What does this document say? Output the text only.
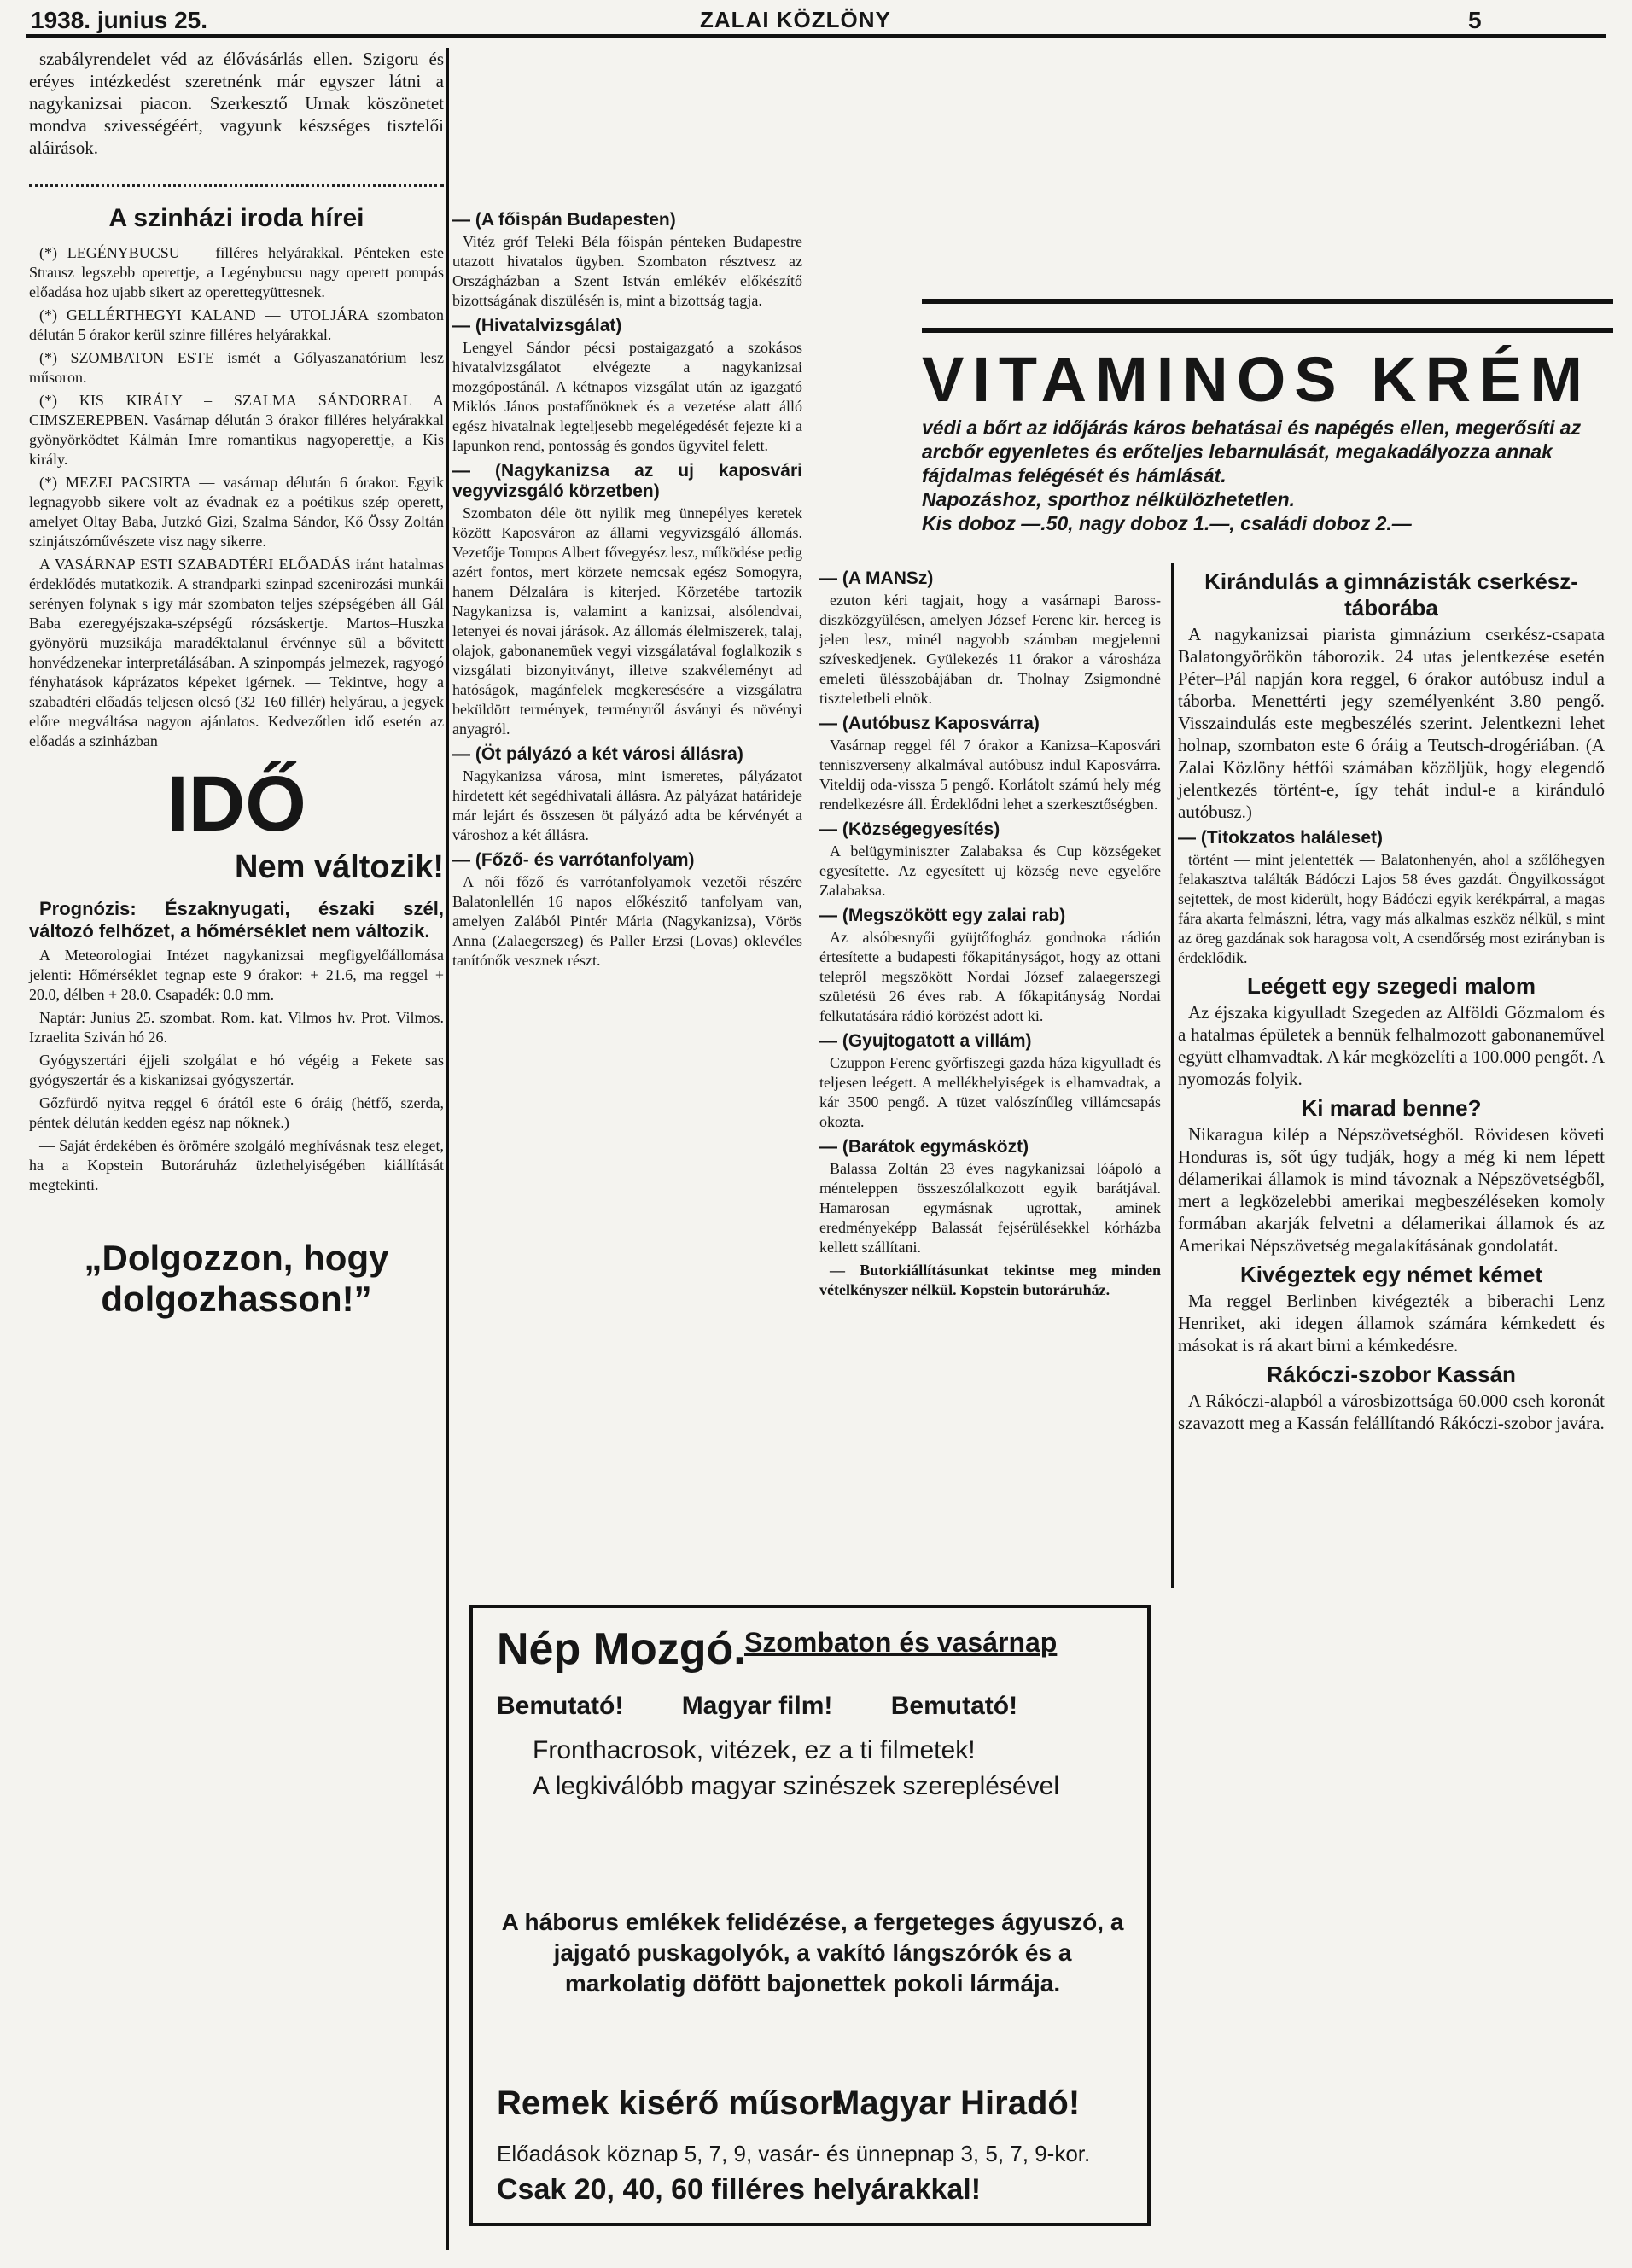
1938. junius 25.	ZALAI KÖZLÖNY	5

szabályrendelet véd az élővásárlás ellen. Szigoru és eréyes intézkedést szeretnénk már egyszer látni a nagykanizsai piacon. Szerkesztő Urnak köszönetet mondva szivességéért, vagyunk készséges tisztelői aláirások.

A szinházi iroda hírei

(*) LEGÉNYBUCSU — filléres helyárakkal. Pénteken este Strausz legszebb operettje, a Legénybucsu nagy operett pompás előadása hoz ujabb sikert az operettegyüttesnek.

(*) GELLÉRTHEGYI KALAND — UTOLJÁRA szombaton délután 5 órakor kerül szinre filléres helyárakkal.

(*) SZOMBATON ESTE ismét a Gólyaszanatórium lesz műsoron.

(*) KIS KIRÁLY – SZALMA SÁNDORRAL A CIMSZEREPBEN. Vasárnap délután 3 órakor filléres helyárakkal gyönyörködtet Kálmán Imre romantikus nagyoperettje, a Kis király.

(*) MEZEI PACSIRTA — vasárnap délután 6 órakor. Egyik legnagyobb sikere volt az évadnak ez a poétikus szép operett, amelyet Oltay Baba, Jutzkó Gizi, Szalma Sándor, Kő Össy Zoltán szinjátszóművészete visz nagy sikerre.

A VASÁRNAP ESTI SZABADTÉRI ELŐADÁS iránt hatalmas érdeklődés mutatkozik. A strandparki szinpad szcenirozási munkái serényen folynak s igy már szombaton teljes szépségében áll Gál Baba ezeregyéjszaka-szépségű rózsáskertje. Martos–Huszka gyönyörü muzsikája maradéktalanul érvénnye sül a bővitett honvédzenekar interpretálásában. A szinpompás jelmezek, ragyogó fényhatások káprázatos képeket igérnek. — Tekintve, hogy a szabadtéri előadás teljesen olcsó (32–160 fillér) helyárau, a jegyek előre megváltása nagyon ajánlatos. Kedvezőtlen idő esetén az előadás a szinházban

IDŐ
Nem változik!

Prognózis: Északnyugati, északi szél, változó felhőzet, a hőmérséklet nem változik.

A Meteorologiai Intézet nagykanizsai megfigyelőállomása jelenti: Hőmérséklet tegnap este 9 órakor: + 21.6, ma reggel + 20.0, délben + 28.0. Csapadék: 0.0 mm.

Naptár: Junius 25. szombat. Rom. kat. Vilmos hv. Prot. Vilmos. Izraelita Sziván hó 26.

Gyógyszertári éjjeli szolgálat e hó végéig a Fekete sas gyógyszertár és a kiskanizsai gyógyszertár.

Gőzfürdő nyitva reggel 6 órától este 6 óráig (hétfő, szerda, péntek délután kedden egész nap nőknek.)

— Saját érdekében és örömére szolgáló meghívásnak tesz eleget, ha a Kopstein Butoráruház üzlethelyiségében kiállítását megtekinti.

„Dolgozzon, hogy dolgozhasson!”
— (A főispán Budapesten)

Vitéz gróf Teleki Béla főispán pénteken Budapestre utazott hivatalos ügyben. Szombaton résztvesz az Országházban a Szent István emlékév előkészítő bizottságának diszülésén is, mint a bizottság tagja.

— (Hivatalvizsgálat)

Lengyel Sándor pécsi postaigazgató a szokásos hivatalvizsgálatot elvégezte a nagykanizsai mozgópostánál. A kétnapos vizsgálat után az igazgató Miklós János postafőnöknek és a vezetése alatt álló egész hivatalnak legteljesebb megelégedését fejezte ki a lapunkon rend, pontosság és gondos ügyvitel felett.

— (Nagykanizsa az uj kaposvári vegyvizsgáló körzetben)

Szombaton déle ött nyilik meg ünnepélyes keretek között Kaposváron az állami vegyvizsgáló állomás. Vezetője Tompos Albert fővegyész lesz, működése pedig azért fontos, mert körzete nemcsak egész Somogyra, hanem Délzalára is kiterjed. Körzetébe tartozik Nagykanizsa is, valamint a kanizsai, alsólendvai, letenyei és novai járások. Az állomás élelmiszerek, talaj, olajok, gabonanemüek vegyi vizsgálatával foglalkozik s vizsgálati bizonyitványt, illetve szakvéleményt ad hatóságok, magánfelek megkeresésére a vizsgálatra beküldött termények, terményről ásványi és növényi anyagról.

— (Öt pályázó a két városi állásra)

Nagykanizsa városa, mint ismeretes, pályázatot hirdetett két segédhivatali állásra. Az pályázat határideje már lejárt és összesen öt pályázó adta be kérvényét a városhoz a két állásra.

— (Főző- és varrótanfolyam)

A női főző és varrótanfolyamok vezetői részére Balatonlellén 16 napos előkészitő tanfolyam van, amelyen Zalából Pintér Mária (Nagykanizsa), Vörös Anna (Zalaegerszeg) és Paller Erzsi (Lovas) oklevéles tanítónők vesznek részt.

VITAMINOS KRÉM
védi a bőrt az időjárás káros behatásai és napégés ellen, megerősíti az arcbőr egyenletes és erőteljes lebarnulását, megakadályozza annak fájdalmas felégését és hámlását.
Napozáshoz, sporthoz nélkülözhetetlen.
Kis doboz —.50, nagy doboz 1.—, családi doboz 2.—
— (A MANSz)

ezuton kéri tagjait, hogy a vasárnapi Baross-diszközgyülésen, amelyen József Ferenc kir. herceg is jelen lesz, minél nagyobb számban megjelenni szíveskedjenek. Gyülekezés 11 órakor a városháza emeleti ülésszobájában dr. Tholnay Zsigmondné tiszteletbeli elnök.

— (Autóbusz Kaposvárra)

Vasárnap reggel fél 7 órakor a Kanizsa–Kaposvári tenniszverseny alkalmával autóbusz indul Kaposvárra. Viteldij oda-vissza 5 pengő. Korlátolt számú hely még rendelkezésre áll. Érdeklődni lehet a szerkesztőségben.

— (Községegyesítés)

A belügyminiszter Zalabaksa és Cup községeket egyesítette. Az egyesített uj község neve egyelőre Zalabaksa.

— (Megszökött egy zalai rab)

Az alsóbesnyői gyüjtőfogház gondnoka rádión értesítette a budapesti főkapitányságot, hogy az ottani telepről megszökött Nordai József zalaegerszegi születésü 26 éves rab. A főkapitányság Nordai felkutatására rádió körözést adott ki.

— (Gyujtogatott a villám)

Czuppon Ferenc győrfiszegi gazda háza kigyulladt és teljesen leégett. A mellékhelyiségek is elhamvadtak, a kár 3500 pengő. A tüzet valószínűleg villámcsapás okozta.

— (Barátok egymásközt)

Balassa Zoltán 23 éves nagykanizsai lóápoló a ménteleppen összeszólalkozott egyik barátjával. Hamarosan egymásnak ugrottak, aminek eredményeképp Balassát fejsérülésekkel kórházba kellett szállítani.

— Butorkiállításunkat tekintse meg minden vételkényszer nélkül. Kopstein butoráruház.

Kirándulás a gimnázisták cserkész-táborába

A nagykanizsai piarista gimnázium cserkész-csapata Balatongyörökön táborozik. 24 utas jelentkezése esetén Péter–Pál napján kora reggel, 6 órakor autóbusz indul a táborba. Menettérti jegy személyenként 3.80 pengő. Visszaindulás este megbeszélés szerint. Jelentkezni lehet holnap, szombaton este 6 óráig a Teutsch-drogériában. (A Zalai Közlöny hétfői számában közöljük, hogy elegendő jelentkezés történt-e, így tehát indul-e a kiránduló autóbusz.)

— (Titokzatos haláleset)

történt — mint jelentették — Balatonhenyén, ahol a szőlőhegyen felakasztva találták Bádóczi Lajos 58 éves gazdát. Öngyilkosságot sejtettek, de most kiderült, hogy Bádóczi egyik kerékpárral, a magas fára akarta felmászni, létra, vagy más alkalmas eszköz nélkül, s mint az öreg gazdának sok haragosa volt, A csendőrség most ezirányban is érdeklődik.

Leégett egy szegedi malom

Az éjszaka kigyulladt Szegeden az Alföldi Gőzmalom és a hatalmas épületek a bennük felhalmozott gabonaneművel együtt elhamvadtak. A kár megközelíti a 100.000 pengőt. A nyomozás folyik.

Ki marad benne?

Nikaragua kilép a Népszövetségből. Rövidesen követi Honduras is, sőt úgy tudják, hogy a még ki nem lépett délamerikai államok is mind távoznak a Népszövetségből, mert a legközelebbi amerikai megbeszéléseken komoly formában akarják felvetni a délamerikai államok és az Amerikai Népszövetség megalakításának gondolatát.

Kivégeztek egy német kémet

Ma reggel Berlinben kivégezték a biberachi Lenz Henriket, aki idegen államok számára kémkedett és másokat is rá akart birni a kémkedésre.

Rákóczi-szobor Kassán

A Rákóczi-alapból a városbizottsága 60.000 cseh koronát szavazott meg a Kassán felállítandó Rákóczi-szobor javára.

Nép Mozgó.
Szombaton és vasárnap
Bemutató! Magyar film! Bemutató!
Fronthacrosok, vitézek, ez a ti filmetek!
A legkiválóbb magyar szinészek szereplésével
A háborus emlékek felidézése, a fergeteges ágyuszó, a jajgató puskagolyók, a vakító lángszórók és a markolatig döfött bajonettek pokoli lármája.
Remek kisérő műsor!
Magyar Hiradó!
Előadások köznap 5, 7, 9, vasár- és ünnepnap 3, 5, 7, 9-kor.
Csak 20, 40, 60 filléres helyárakkal!
